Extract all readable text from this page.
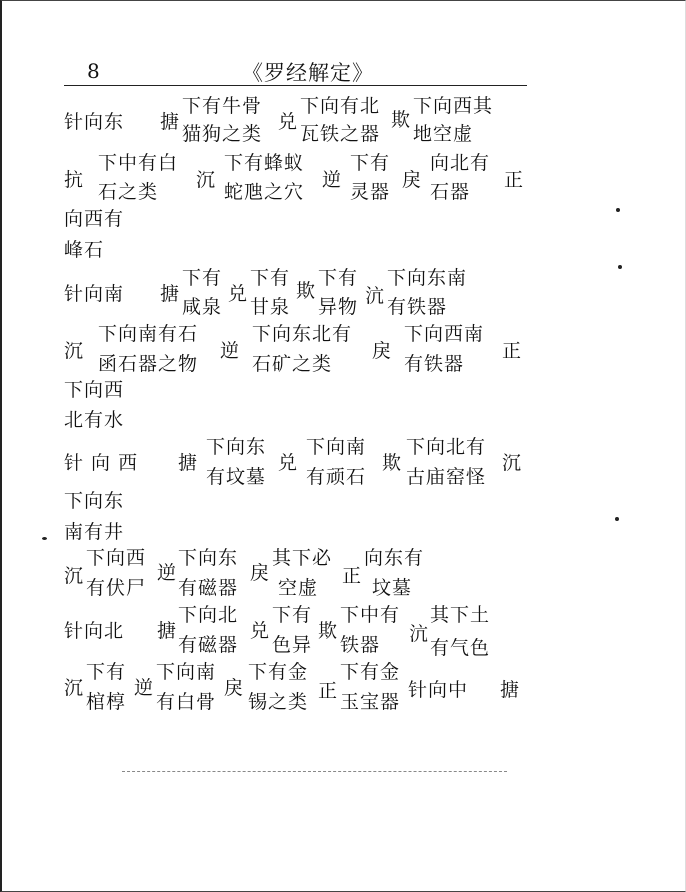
8	《罗经解定》
针向东 搪
下有牛骨
猫狗之类
兑
下向有北
瓦铁之器
欺
下向西其
地空虚
抗
下中有白
石之类
沉
下有蜂蚁
蛇虺之穴
逆
下有
灵器
戾
向北有
石器
正
向西有
峰石
针向南 搪
下有
咸泉
兑
下有
甘泉
欺
下有
异物 沆
下向东南
有铁器
沉
下向南有石
函石器之物
逆
下向东北有
石矿之类
戾
下向西南
有铁器
正
下向西
北有水
针 向 西 搪
下向东
有坟墓
兑
下向南
有顽石
欺
下向北有
古庙窑怪
沉
下向东
南有井
沉
下向西
有伏尸
逆
下向东
有磁器
戾
其下必
空虚
正
向东有
坟墓
针向北 搪
下向北
有磁器
兑
下有
色异
欺
下中有
铁器 沆
其下土
有气色
沉
下有
棺椁
逆
下向南
有白骨
戾
下有金
锡之类 正
下有金
玉宝器
针向中 搪
